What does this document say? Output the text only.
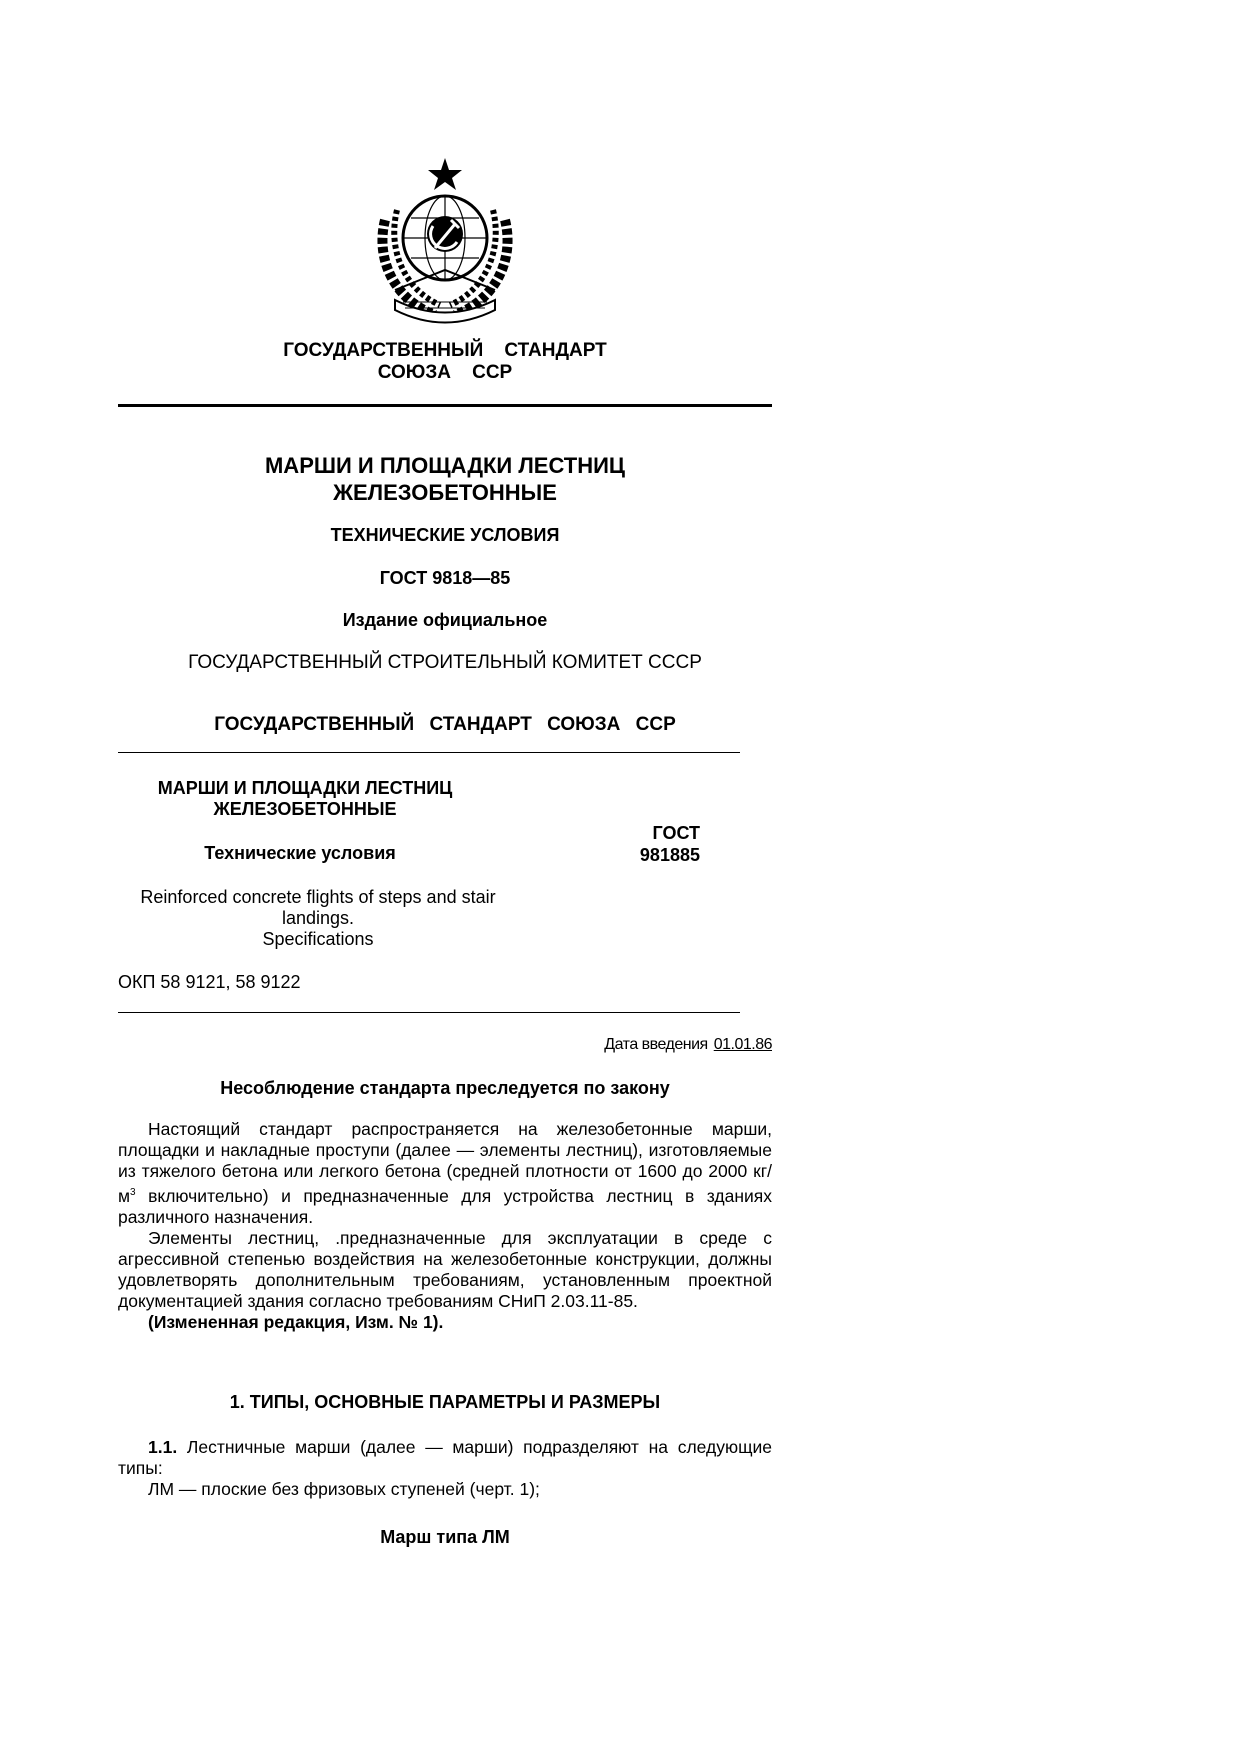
ГОСУДАРСТВЕННЫЙ    СТАНДАРТ
СОЮЗА    ССР
МАРШИ И ПЛОЩАДКИ ЛЕСТНИЦ
ЖЕЛЕЗОБЕТОННЫЕ
ТЕХНИЧЕСКИЕ УСЛОВИЯ
ГОСТ 9818—85
Издание официальное
ГОСУДАРСТВЕННЫЙ СТРОИТЕЛЬНЫЙ КОМИТЕТ СССР
ГОСУДАРСТВЕННЫЙ СТАНДАРТ СОЮЗА ССР
МАРШИ И ПЛОЩАДКИ ЛЕСТНИЦ
ЖЕЛЕЗОБЕТОННЫЕ
Технические условия
ГОСТ
981885
Reinforced concrete flights of steps and stair
landings.
Specifications
ОКП 58 9121, 58 9122
Дата введения 01.01.86
Несоблюдение стандарта преследуется по закону

Настоящий стандарт распространяется на железобетонные марши, площадки и накладные проступи (далее — элементы лестниц), изготовляемые из тяжелого бетона или легкого бетона (средней плотности от 1600 до 2000 $кг/м^3$ включительно) и предназначенные для устройства лестниц в зданиях различного назначения.

Элементы лестниц, .предназначенные для эксплуатации в среде с агрессивной степенью воздействия на железобетонные конструкции, должны удовлетворять дополнительным требованиям, установленным проектной документацией здания согласно требованиям СНиП 2.03.11-85.

(Измененная редакция, Изм. № 1).

1. ТИПЫ, ОСНОВНЫЕ ПАРАМЕТРЫ И РАЗМЕРЫ

1.1. Лестничные марши (далее — марши) подразделяют на следующие типы:

ЛМ — плоские без фризовых ступеней (черт. 1);

Марш типа ЛМ
